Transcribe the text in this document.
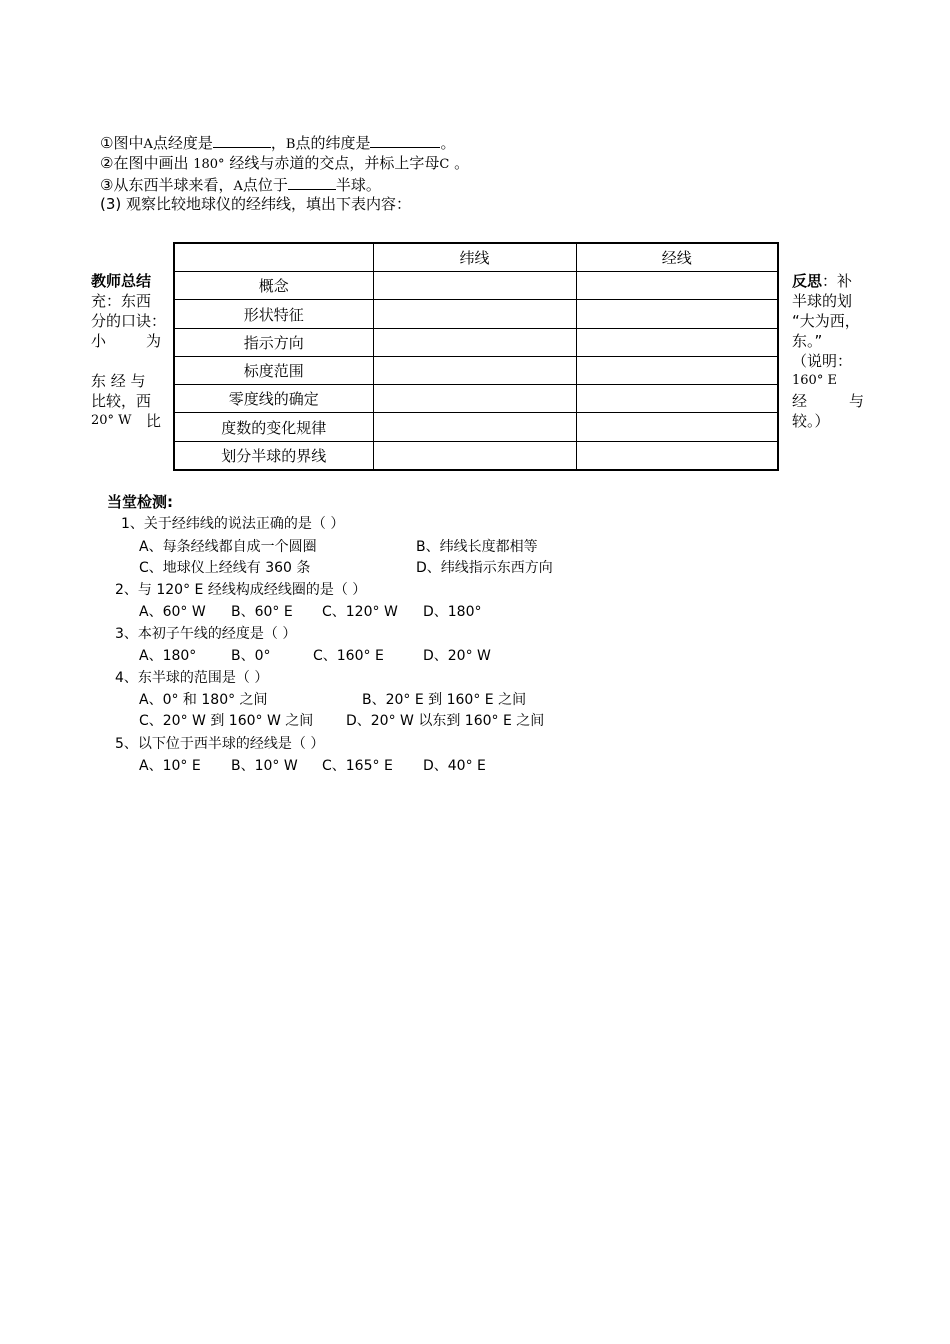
①图中A点经度是	，B点的纬度是	。
②在图中画出 180° 经线与赤道的交点，并标上字母C 。
③从东西半球来看，A点位于	半球。
(3) 观察比较地球仪的经纬线，填出下表内容：
教师总结
充：东西
分的口诀：
小	为

东 经 与
比较，西
20° W 比
反思：补
半球的划
“大为西，
东。”
（说明：
160° E
经	与
较。）
	纬线	经线
概念		
形状特征		
指示方向		
标度范围		
零度线的确定		
度数的变化规律		
划分半球的界线		
当堂检测:
1、关于经纬线的说法正确的是（ ）
A、每条经线都自成一个圆圈	B、纬线长度都相等
C、地球仪上经线有 360 条	D、纬线指示东西方向
2、与 120° E 经线构成经线圈的是（ ）
A、60° W B、60° E C、120° W D、180°
3、本初子午线的经度是（ ）
A、180° B、0°	C、160° E	D、20° W
4、东半球的范围是（ ）
A、0° 和 180° 之间	B、20° E 到 160° E 之间
C、20° W 到 160° W 之间 D、20° W 以东到 160° E 之间
5、以下位于西半球的经线是（ ）
A、10° E B、10° W C、165° E D、40° E
